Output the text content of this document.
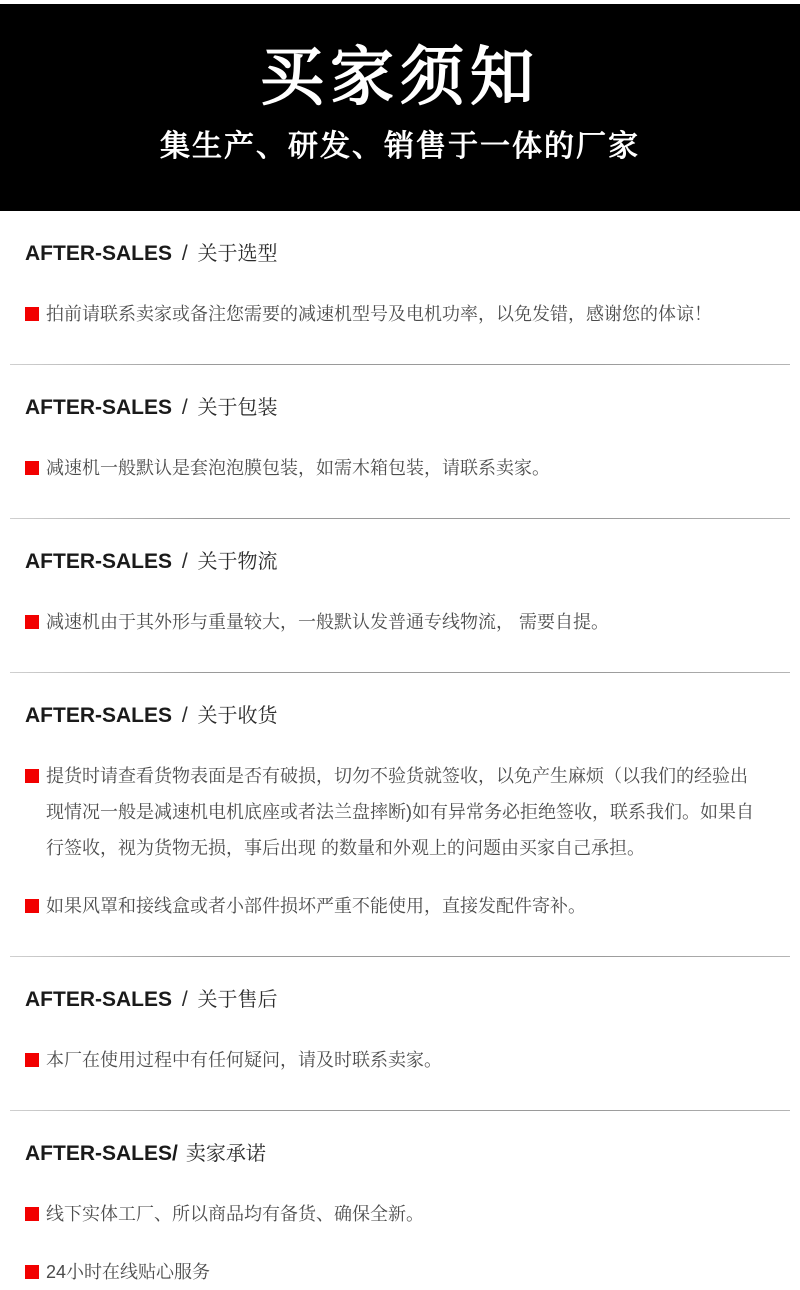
买家须知
集生产、研发、销售于一体的厂家
AFTER-SALES / 关于选型

拍前请联系卖家或备注您需要的减速机型号及电机功率，以免发错，感谢您的体谅！

AFTER-SALES / 关于包装

减速机一般默认是套泡泡膜包装，如需木箱包装，请联系卖家。

AFTER-SALES / 关于物流

减速机由于其外形与重量较大，一般默认发普通专线物流， 需要自提。

AFTER-SALES / 关于收货

提货时请查看货物表面是否有破损，切勿不验货就签收，以免产生麻烦（以我们的经验出现情况一般是减速机电机底座或者法兰盘摔断)如有异常务必拒绝签收，联系我们。如果自行签收，视为货物无损，事后出现 的数量和外观上的问题由买家自己承担。

如果风罩和接线盒或者小部件损坏严重不能使用，直接发配件寄补。

AFTER-SALES / 关于售后

本厂在使用过程中有任何疑问，请及时联系卖家。

AFTER-SALES/ 卖家承诺

线下实体工厂、所以商品均有备货、确保全新。

24小时在线贴心服务
